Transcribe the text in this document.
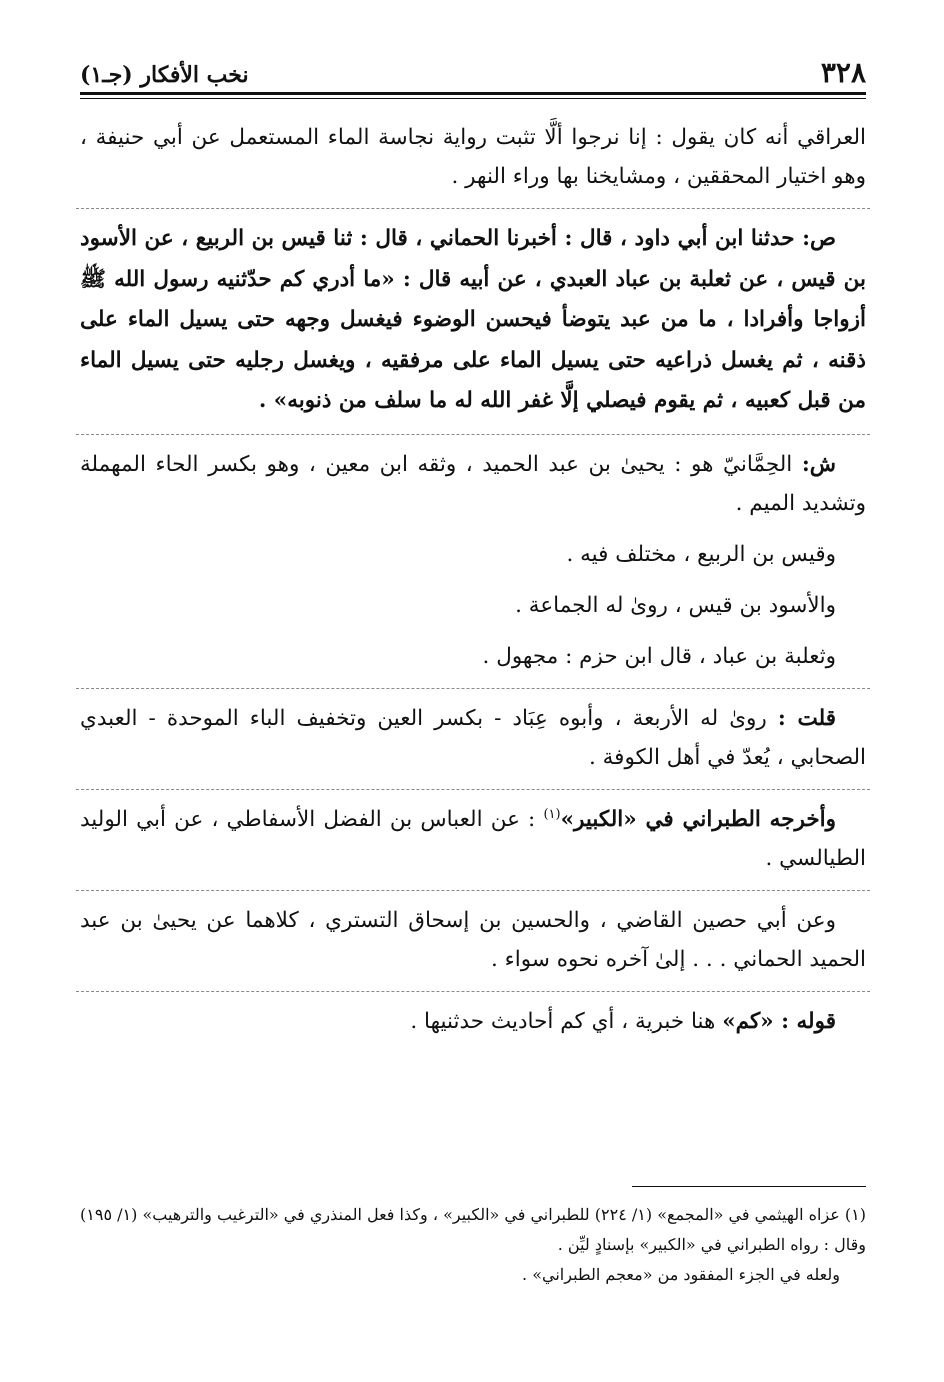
٣٢٨
نخب الأفكار (جـ١)

العراقي أنه كان يقول : إنا نرجوا ألَّا تثبت رواية نجاسة الماء المستعمل عن أبي حنيفة ، وهو اختيار المحققين ، ومشايخنا بها وراء النهر .

ص: حدثنا ابن أبي داود ، قال : أخبرنا الحماني ، قال : ثنا قيس بن الربيع ، عن الأسود بن قيس ، عن ثعلبة بن عباد العبدي ، عن أبيه قال : «ما أدري كم حدّثنيه رسول الله ﷺ أزواجا وأفرادا ، ما من عبد يتوضأ فيحسن الوضوء فيغسل وجهه حتى يسيل الماء على ذقنه ، ثم يغسل ذراعيه حتى يسيل الماء على مرفقيه ، ويغسل رجليه حتى يسيل الماء من قبل كعبيه ، ثم يقوم فيصلي إلَّا غفر الله له ما سلف من ذنوبه» .

ش: الحِمَّانيّ هو : يحيىٰ بن عبد الحميد ، وثقه ابن معين ، وهو بكسر الحاء المهملة وتشديد الميم .

وقيس بن الربيع ، مختلف فيه .

والأسود بن قيس ، روىٰ له الجماعة .

وثعلبة بن عباد ، قال ابن حزم : مجهول .

قلت : روىٰ له الأربعة ، وأبوه عِبَاد - بكسر العين وتخفيف الباء الموحدة - العبدي الصحابي ، يُعدّ في أهل الكوفة .

وأخرجه الطبراني في «الكبير»$^{(١)}$ : عن العباس بن الفضل الأسفاطي ، عن أبي الوليد الطيالسي .

وعن أبي حصين القاضي ، والحسين بن إسحاق التستري ، كلاهما عن يحيىٰ بن عبد الحميد الحماني . . . إلىٰ آخره نحوه سواء .

قوله : «كم» هنا خبرية ، أي كم أحاديث حدثنيها .

(١) عزاه الهيثمي في «المجمع» (١/ ٢٢٤) للطبراني في «الكبير» ، وكذا فعل المنذري في «الترغيب والترهيب» (١/ ١٩٥) وقال : رواه الطبراني في «الكبير» بإسنادٍ ليِّن .

ولعله في الجزء المفقود من «معجم الطبراني» .
